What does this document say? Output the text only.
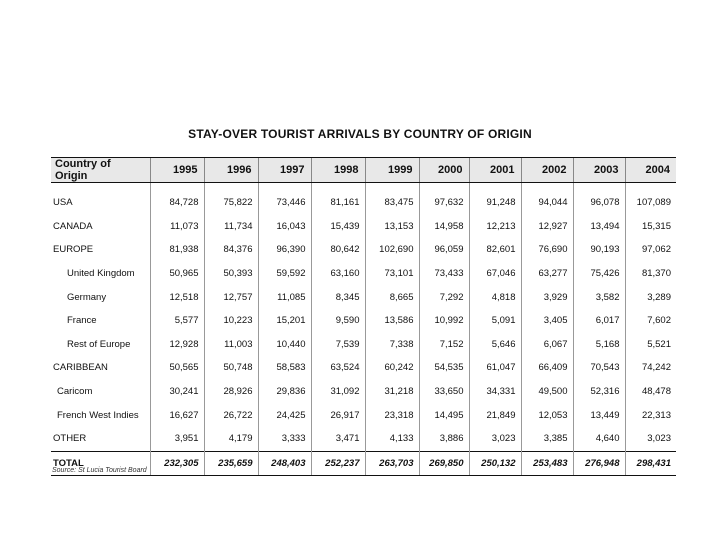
STAY-OVER TOURIST ARRIVALS BY COUNTRY OF ORIGIN
Country of Origin	1995	1996	1997	1998	1999	2000	2001	2002	2003	2004
USA	84,728	75,822	73,446	81,161	83,475	97,632	91,248	94,044	96,078	107,089
CANADA	11,073	11,734	16,043	15,439	13,153	14,958	12,213	12,927	13,494	15,315
EUROPE	81,938	84,376	96,390	80,642	102,690	96,059	82,601	76,690	90,193	97,062
United Kingdom	50,965	50,393	59,592	63,160	73,101	73,433	67,046	63,277	75,426	81,370
Germany	12,518	12,757	11,085	8,345	8,665	7,292	4,818	3,929	3,582	3,289
France	5,577	10,223	15,201	9,590	13,586	10,992	5,091	3,405	6,017	7,602
Rest of Europe	12,928	11,003	10,440	7,539	7,338	7,152	5,646	6,067	5,168	5,521
CARIBBEAN	50,565	50,748	58,583	63,524	60,242	54,535	61,047	66,409	70,543	74,242
Caricom	30,241	28,926	29,836	31,092	31,218	33,650	34,331	49,500	52,316	48,478
French West Indies	16,627	26,722	24,425	26,917	23,318	14,495	21,849	12,053	13,449	22,313
OTHER	3,951	4,179	3,333	3,471	4,133	3,886	3,023	3,385	4,640	3,023
TOTAL	232,305	235,659	248,403	252,237	263,703	269,850	250,132	253,483	276,948	298,431
Source: St Lucia Tourist Board
